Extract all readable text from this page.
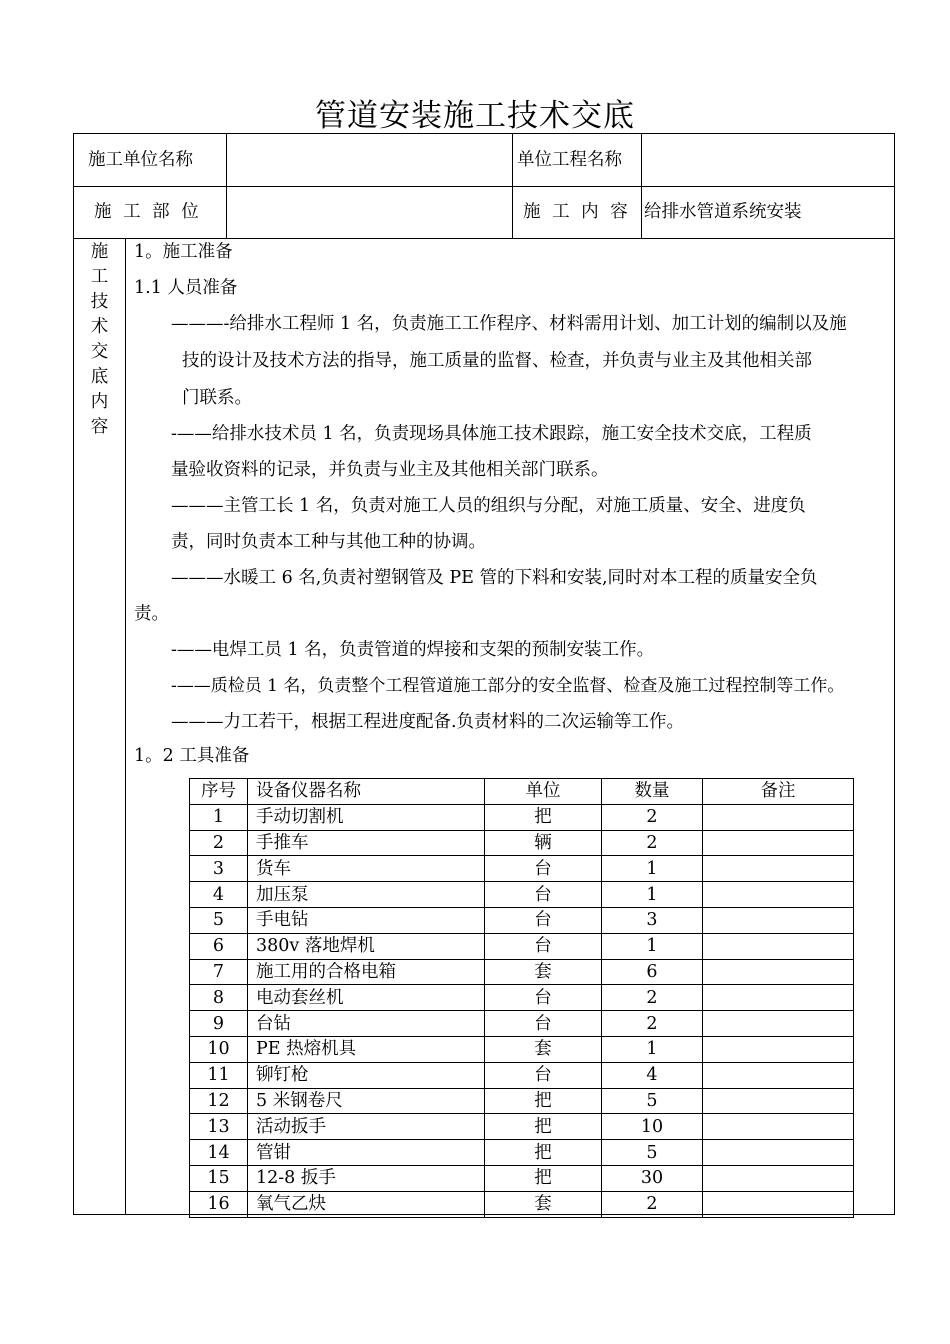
管道安装施工技术交底
施工单位名称	单位工程名称
施 工 部 位	施 工 内 容 给排水管道系统安装
施
工
技
术
交
底
内
容
1。施工准备
1.1 人员准备
———-给排水工程师 1 名，负责施工工作程序、材料需用计划、加工计划的编制以及施
技的设计及技术方法的指导，施工质量的监督、检查，并负责与业主及其他相关部
门联系。
-——给排水技术员 1 名，负责现场具体施工技术跟踪，施工安全技术交底，工程质
量验收资料的记录，并负责与业主及其他相关部门联系。
———主管工长 1 名，负责对施工人员的组织与分配，对施工质量、安全、进度负
责，同时负责本工种与其他工种的协调。
———水暖工 6 名,负责衬塑钢管及 PE 管的下料和安装,同时对本工程的质量安全负
责。
-——电焊工员 1 名，负责管道的焊接和支架的预制安装工作。
-——质检员 1 名，负责整个工程管道施工部分的安全监督、检查及施工过程控制等工作。
———力工若干，根据工程进度配备.负责材料的二次运输等工作。
1。2 工具准备
序号	设备仪器名称	单位	数量	备注
1	手动切割机	把	2	
2	手推车	辆	2	
3	货车	台	1	
4	加压泵	台	1	
5	手电钻	台	3	
6	380v 落地焊机	台	1	
7	施工用的合格电箱	套	6	
8	电动套丝机	台	2	
9	台钻	台	2	
10	PE 热熔机具	套	1	
11	铆钉枪	台	4	
12	5 米钢卷尺	把	5	
13	活动扳手	把	10	
14	管钳	把	5	
15	12-8 扳手	把	30	
16	氧气乙炔	套	2	
